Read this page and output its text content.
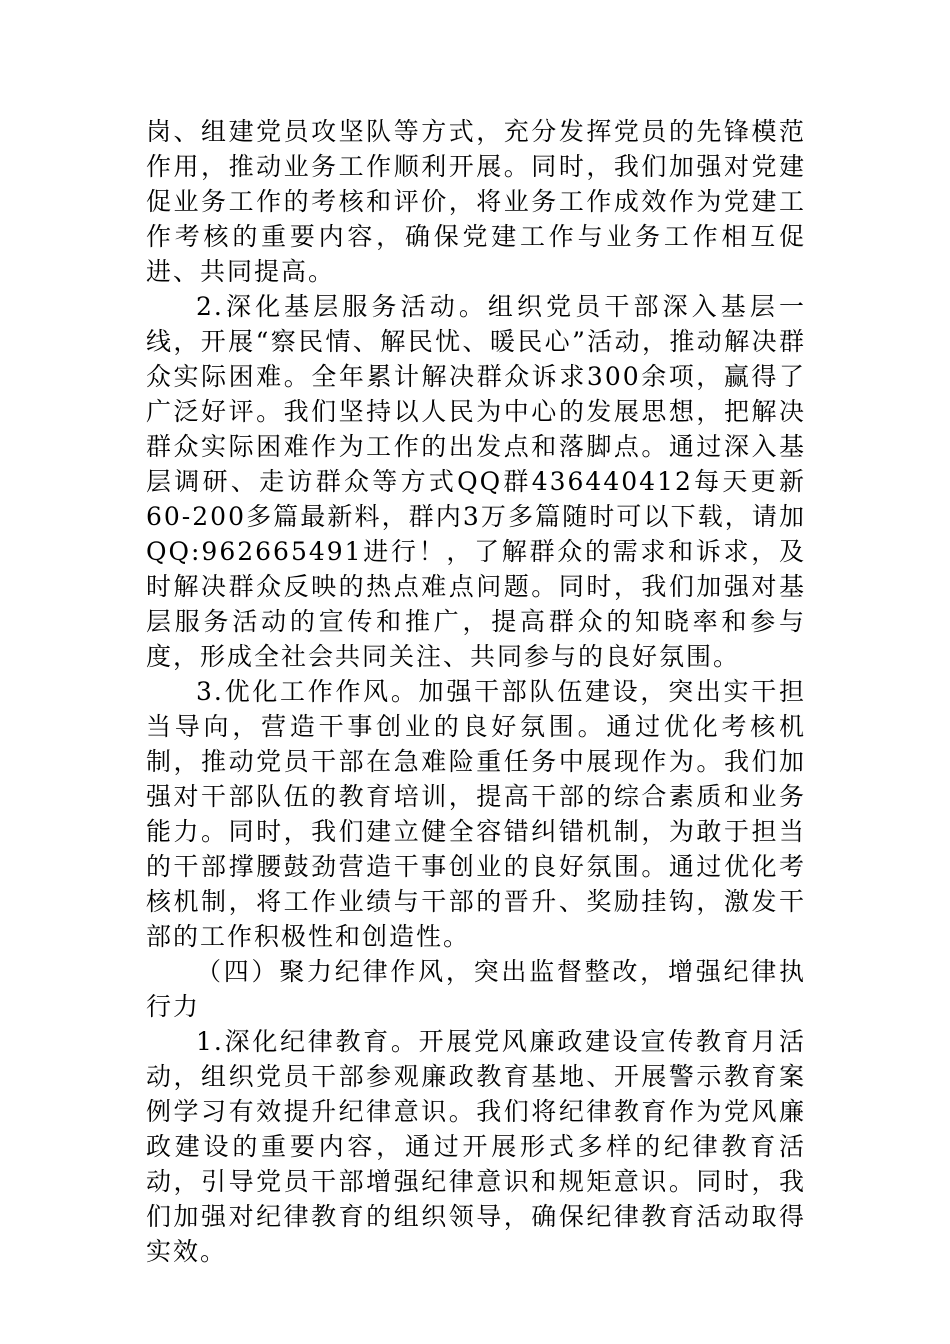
岗、组建党员攻坚队等方式，充分发挥党员的先锋模范作用，推动业务工作顺利开展。同时，我们加强对党建促业务工作的考核和评价，将业务工作成效作为党建工作考核的重要内容，确保党建工作与业务工作相互促进、共同提高。

2.深化基层服务活动。组织党员干部深入基层一线，开展“察民情、解民忧、暖民心”活动，推动解决群众实际困难。全年累计解决群众诉求300余项，赢得了广泛好评。我们坚持以人民为中心的发展思想，把解决群众实际困难作为工作的出发点和落脚点。通过深入基层调研、走访群众等方式QQ群436440412每天更新60-200多篇最新料，群内3万多篇随时可以下载，请加QQ:962665491进行！，了解群众的需求和诉求，及时解决群众反映的热点难点问题。同时，我们加强对基层服务活动的宣传和推广，提高群众的知晓率和参与度，形成全社会共同关注、共同参与的良好氛围。

3.优化工作作风。加强干部队伍建设，突出实干担当导向，营造干事创业的良好氛围。通过优化考核机制，推动党员干部在急难险重任务中展现作为。我们加强对干部队伍的教育培训，提高干部的综合素质和业务能力。同时，我们建立健全容错纠错机制，为敢于担当的干部撑腰鼓劲营造干事创业的良好氛围。通过优化考核机制，将工作业绩与干部的晋升、奖励挂钩，激发干部的工作积极性和创造性。

（四）聚力纪律作风，突出监督整改，增强纪律执行力

1.深化纪律教育。开展党风廉政建设宣传教育月活动，组织党员干部参观廉政教育基地、开展警示教育案例学习有效提升纪律意识。我们将纪律教育作为党风廉政建设的重要内容，通过开展形式多样的纪律教育活动，引导党员干部增强纪律意识和规矩意识。同时，我们加强对纪律教育的组织领导，确保纪律教育活动取得实效。
